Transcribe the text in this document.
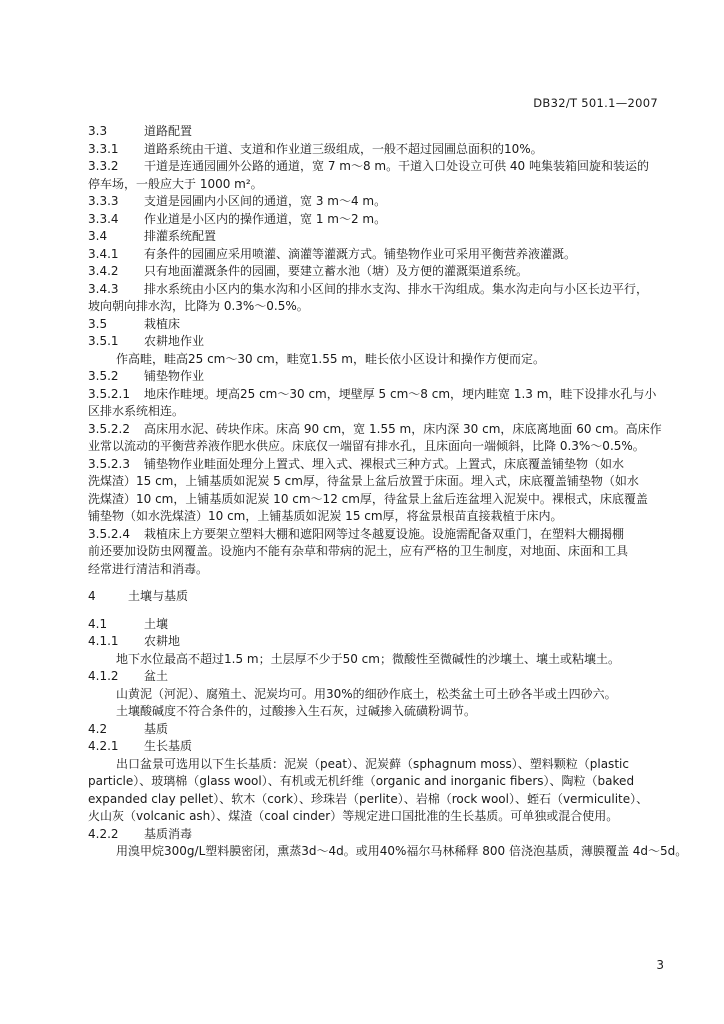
DB32/T 501.1—2007
3.3	道路配置
3.3.1 道路系统由干道、支道和作业道三级组成，一般不超过园圃总面积的10%。
3.3.2 干道是连通园圃外公路的通道，宽 7 m～8 m。干道入口处设立可供 40 吨集装箱回旋和装运的
停车场，一般应大于 1000 m²。
3.3.3 支道是园圃内小区间的通道，宽 3 m～4 m。
3.3.4 作业道是小区内的操作通道，宽 1 m～2 m。
3.4	排灌系统配置
3.4.1 有条件的园圃应采用喷灌、滴灌等灌溉方式。铺垫物作业可采用平衡营养液灌溉。
3.4.2 只有地面灌溉条件的园圃，要建立蓄水池（塘）及方便的灌溉渠道系统。
3.4.3 排水系统由小区内的集水沟和小区间的排水支沟、排水干沟组成。集水沟走向与小区长边平行，
坡向朝向排水沟，比降为 0.3%～0.5%。
3.5	栽植床
3.5.1 农耕地作业
作高畦，畦高25 cm～30 cm，畦宽1.55 m，畦长依小区设计和操作方便而定。
3.5.2 铺垫物作业
3.5.2.1 地床作畦埂。埂高25 cm～30 cm，埂壁厚 5 cm～8 cm，埂内畦宽 1.3 m，畦下设排水孔与小
区排水系统相连。
3.5.2.2 高床用水泥、砖块作床。床高 90 cm，宽 1.55 m，床内深 30 cm，床底离地面 60 cm。高床作
业常以流动的平衡营养液作肥水供应。床底仅一端留有排水孔，且床面向一端倾斜，比降 0.3%～0.5%。
3.5.2.3 铺垫物作业畦面处理分上置式、埋入式、裸根式三种方式。上置式，床底覆盖铺垫物（如水
洗煤渣）15 cm，上铺基质如泥炭 5 cm厚，待盆景上盆后放置于床面。埋入式，床底覆盖铺垫物（如水
洗煤渣）10 cm，上铺基质如泥炭 10 cm～12 cm厚，待盆景上盆后连盆埋入泥炭中。裸根式，床底覆盖
铺垫物（如水洗煤渣）10 cm，上铺基质如泥炭 15 cm厚，将盆景根苗直接栽植于床内。
3.5.2.4 栽植床上方要架立塑料大棚和遮阳网等过冬越夏设施。设施需配备双重门，在塑料大棚揭棚
前还要加设防虫网覆盖。设施内不能有杂草和带病的泥土，应有严格的卫生制度，对地面、床面和工具
经常进行清洁和消毒。
4	土壤与基质
4.1	土壤
4.1.1 农耕地
地下水位最高不超过1.5 m；土层厚不少于50 cm；微酸性至微碱性的沙壤土、壤土或粘壤土。
4.1.2 盆土
山黄泥（河泥）、腐殖土、泥炭均可。用30%的细砂作底土，松类盆土可土砂各半或土四砂六。
土壤酸碱度不符合条件的，过酸掺入生石灰，过碱掺入硫磺粉调节。
4.2	基质
4.2.1 生长基质
出口盆景可选用以下生长基质：泥炭（peat）、泥炭藓（sphagnum moss）、塑料颗粒（plastic
particle）、玻璃棉（glass wool）、有机或无机纤维（organic and inorganic fibers）、陶粒（baked
expanded clay pellet）、软木（cork）、珍珠岩（perlite）、岩棉（rock wool）、蛭石（vermiculite）、
火山灰（volcanic ash）、煤渣（coal cinder）等规定进口国批准的生长基质。可单独或混合使用。
4.2.2 基质消毒
用溴甲烷300g/L塑料膜密闭，熏蒸3d～4d。或用40%福尔马林稀释 800 倍浇泡基质，薄膜覆盖 4d～5d。
3
